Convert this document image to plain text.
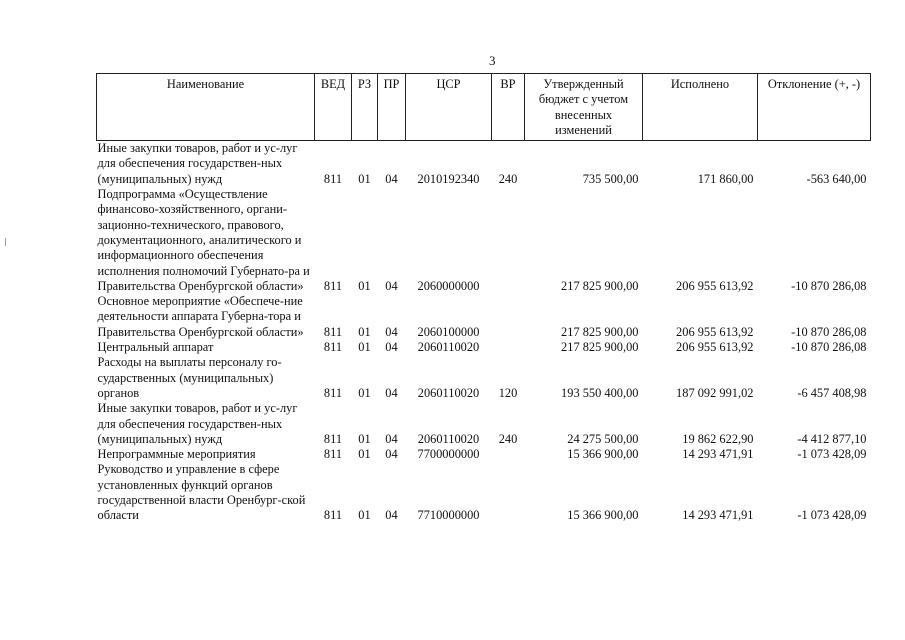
3
Наименование	ВЕД	РЗ	ПР	ЦСР	ВР	Утвержденный бюджет с учетом внесенных изменений	Исполнено	Отклонение (+, -)
Иные закупки товаров, работ и ус-луг для обеспечения государствен-ных (муниципальных) нужд	811	01	04	2010192340	240	735 500,00	171 860,00	-563 640,00
Подпрограмма «Осуществление финансово-хозяйственного, органи-зационно-технического, правового, документационного, аналитического и информационного обеспечения исполнения полномочий Губернато-ра и Правительства Оренбургской области»	811	01	04	2060000000		217 825 900,00	206 955 613,92	-10 870 286,08
Основное мероприятие «Обеспече-ние деятельности аппарата Губерна-тора и Правительства Оренбургской области»	811	01	04	2060100000		217 825 900,00	206 955 613,92	-10 870 286,08
Центральный аппарат	811	01	04	2060110020		217 825 900,00	206 955 613,92	-10 870 286,08
Расходы на выплаты персоналу го-сударственных (муниципальных) органов	811	01	04	2060110020	120	193 550 400,00	187 092 991,02	-6 457 408,98
Иные закупки товаров, работ и ус-луг для обеспечения государствен-ных (муниципальных) нужд	811	01	04	2060110020	240	24 275 500,00	19 862 622,90	-4 412 877,10
Непрограммные мероприятия	811	01	04	7700000000		15 366 900,00	14 293 471,91	-1 073 428,09
Руководство и управление в сфере установленных функций органов государственной власти Оренбург-ской области	811	01	04	7710000000		15 366 900,00	14 293 471,91	-1 073 428,09
